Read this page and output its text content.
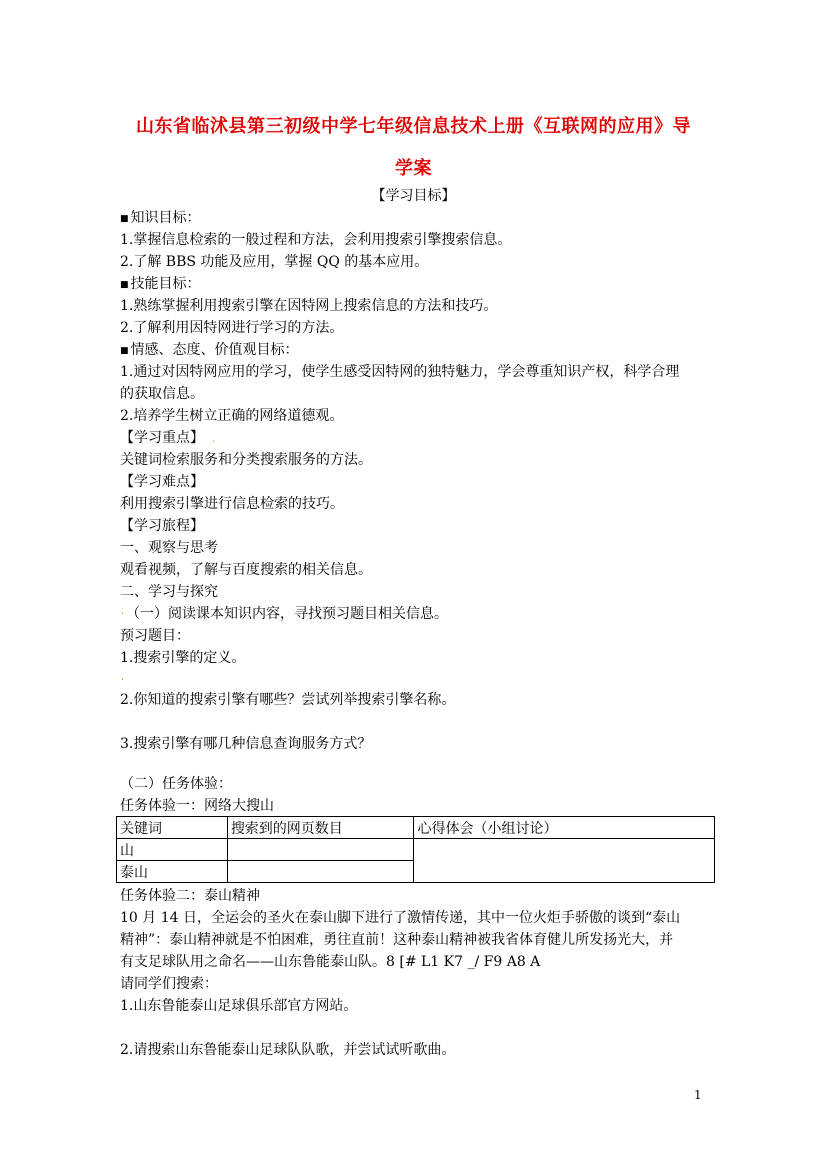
山东省临沭县第三初级中学七年级信息技术上册《互联网的应用》导
学案
【学习目标】
■ 知识目标：
1.掌握信息检索的一般过程和方法，会利用搜索引擎搜索信息。
2.了解 BBS 功能及应用，掌握 QQ 的基本应用。
■ 技能目标：
1.熟练掌握利用搜索引擎在因特网上搜索信息的方法和技巧。
2.了解利用因特网进行学习的方法。
■ 情感、态度、价值观目标：
1.通过对因特网应用的学习，使学生感受因特网的独特魅力，学会尊重知识产权，科学合理
的获取信息。
2.培养学生树立正确的网络道德观。
【学习重点】 .
关键词检索服务和分类搜索服务的方法。
【学习难点】
利用搜索引擎进行信息检索的技巧。
【学习旅程】
一、观察与思考
观看视频，了解与百度搜索的相关信息。
二、学习与探究
. （一）阅读课本知识内容，寻找预习题目相关信息。
预习题目：
1.搜索引擎的定义。
.
2.你知道的搜索引擎有哪些？尝试列举搜索引擎名称。
3.搜索引擎有哪几种信息查询服务方式？
（二）任务体验：
任务体验一：网络大搜山
关键词	搜索到的网页数目	心得体会（小组讨论）
山		
泰山		
任务体验二：泰山精神
10 月 14 日，全运会的圣火在泰山脚下进行了激情传递，其中一位火炬手骄傲的谈到“泰山
精神”：泰山精神就是不怕困难，勇往直前！这种泰山精神被我省体育健儿所发扬光大，并
有支足球队用之命名——山东鲁能泰山队。8 [# L1 K7 _/ F9 A8 A
请同学们搜索：
1.山东鲁能泰山足球俱乐部官方网站。
2.请搜索山东鲁能泰山足球队队歌，并尝试试听歌曲。
1
